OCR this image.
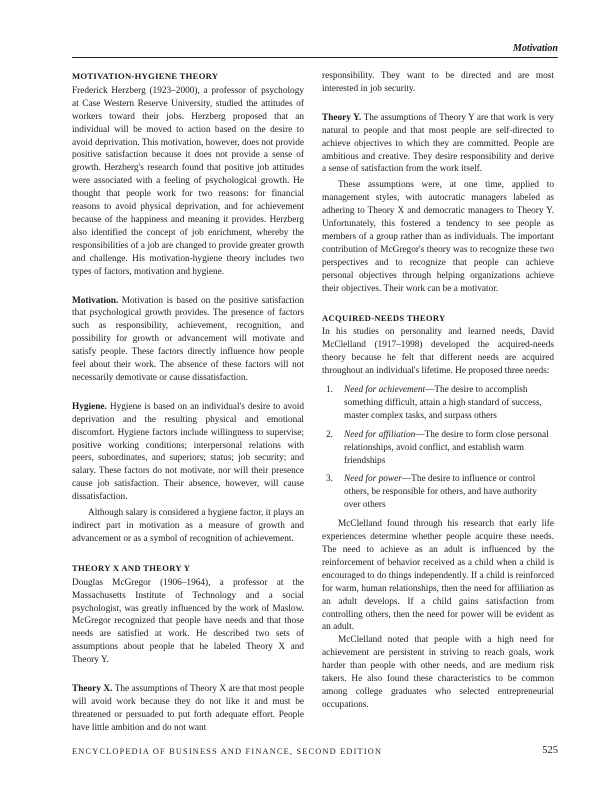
Motivation
MOTIVATION-HYGIENE THEORY

Frederick Herzberg (1923–2000), a professor of psychology at Case Western Reserve University, studied the attitudes of workers toward their jobs. Herzberg proposed that an individual will be moved to action based on the desire to avoid deprivation. This motivation, however, does not provide positive satisfaction because it does not provide a sense of growth. Herzberg's research found that positive job attitudes were associated with a feeling of psychological growth. He thought that people work for two reasons: for financial reasons to avoid physical deprivation, and for achievement because of the happiness and meaning it provides. Herzberg also identified the concept of job enrichment, whereby the responsibilities of a job are changed to provide greater growth and challenge. His motivation-hygiene theory includes two types of factors, motivation and hygiene.

Motivation. Motivation is based on the positive satisfaction that psychological growth provides. The presence of factors such as responsibility, achievement, recognition, and possibility for growth or advancement will motivate and satisfy people. These factors directly influence how people feel about their work. The absence of these factors will not necessarily demotivate or cause dissatisfaction.

Hygiene. Hygiene is based on an individual's desire to avoid deprivation and the resulting physical and emotional discomfort. Hygiene factors include willingness to supervise; positive working conditions; interpersonal relations with peers, subordinates, and superiors; status; job security; and salary. These factors do not motivate, nor will their presence cause job satisfaction. Their absence, however, will cause dissatisfaction.

Although salary is considered a hygiene factor, it plays an indirect part in motivation as a measure of growth and advancement or as a symbol of recognition of achievement.

THEORY X AND THEORY Y

Douglas McGregor (1906–1964), a professor at the Massachusetts Institute of Technology and a social psychologist, was greatly influenced by the work of Maslow. McGregor recognized that people have needs and that those needs are satisfied at work. He described two sets of assumptions about people that he labeled Theory X and Theory Y.

Theory X. The assumptions of Theory X are that most people will avoid work because they do not like it and must be threatened or persuaded to put forth adequate effort. People have little ambition and do not want

responsibility. They want to be directed and are most interested in job security.

Theory Y. The assumptions of Theory Y are that work is very natural to people and that most people are self-directed to achieve objectives to which they are committed. People are ambitious and creative. They desire responsibility and derive a sense of satisfaction from the work itself.

These assumptions were, at one time, applied to management styles, with autocratic managers labeled as adhering to Theory X and democratic managers to Theory Y. Unfortunately, this fostered a tendency to see people as members of a group rather than as individuals. The important contribution of McGregor's theory was to recognize these two perspectives and to recognize that people can achieve personal objectives through helping organizations achieve their objectives. Their work can be a motivator.

ACQUIRED-NEEDS THEORY

In his studies on personality and learned needs, David McClelland (1917–1998) developed the acquired-needs theory because he felt that different needs are acquired throughout an individual's lifetime. He proposed three needs:

1.	Need for achievement—The desire to accomplish something difficult, attain a high standard of success, master complex tasks, and surpass others
2.	Need for affiliation—The desire to form close personal relationships, avoid conflict, and establish warm friendships
3.	Need for power—The desire to influence or control others, be responsible for others, and have authority over others

McClelland found through his research that early life experiences determine whether people acquire these needs. The need to achieve as an adult is influenced by the reinforcement of behavior received as a child when a child is encouraged to do things independently. If a child is reinforced for warm, human relationships, then the need for affiliation as an adult develops. If a child gains satisfaction from controlling others, then the need for power will be evident as an adult.

McClelland noted that people with a high need for achievement are persistent in striving to reach goals, work harder than people with other needs, and are medium risk takers. He also found these characteristics to be common among college graduates who selected entrepreneurial occupations.

ENCYCLOPEDIA OF BUSINESS AND FINANCE, SECOND EDITION	525
